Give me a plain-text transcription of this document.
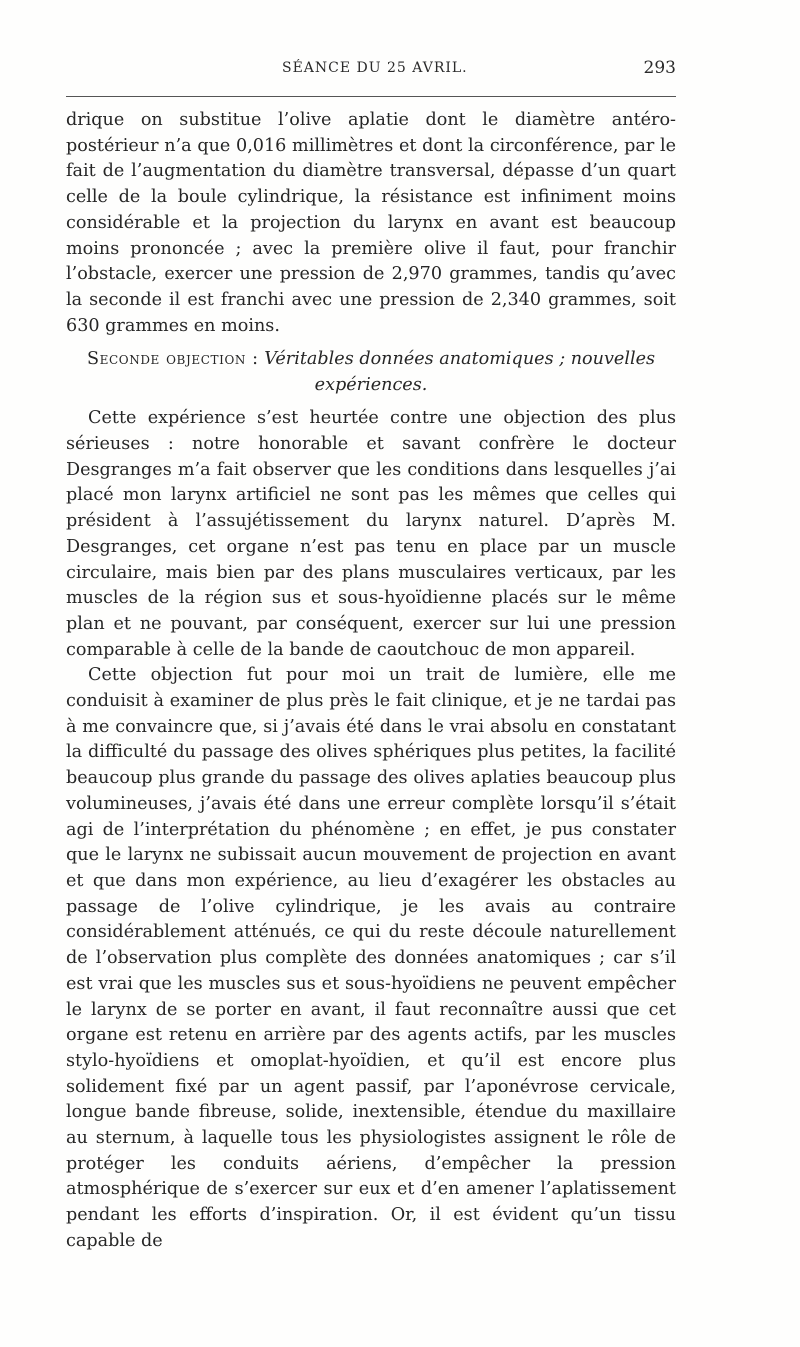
SÉANCE DU 25 AVRIL.	293

drique on substitue l’olive aplatie dont le diamètre antéro-postérieur n’a que 0,016 millimètres et dont la circonférence, par le fait de l’augmentation du diamètre transversal, dépasse d’un quart celle de la boule cylindrique, la résistance est infiniment moins considérable et la projection du larynx en avant est beaucoup moins prononcée ; avec la première olive il faut, pour franchir l’obstacle, exercer une pression de 2,970 grammes, tandis qu’avec la seconde il est franchi avec une pression de 2,340 grammes, soit 630 grammes en moins.

Seconde objection : Véritables données anatomiques ; nouvelles expériences.

Cette expérience s’est heurtée contre une objection des plus sérieuses : notre honorable et savant confrère le docteur Desgranges m’a fait observer que les conditions dans lesquelles j’ai placé mon larynx artificiel ne sont pas les mêmes que celles qui président à l’assujétissement du larynx naturel. D’après M. Desgranges, cet organe n’est pas tenu en place par un muscle circulaire, mais bien par des plans musculaires verticaux, par les muscles de la région sus et sous-hyoïdienne placés sur le même plan et ne pouvant, par conséquent, exercer sur lui une pression comparable à celle de la bande de caoutchouc de mon appareil.

Cette objection fut pour moi un trait de lumière, elle me conduisit à examiner de plus près le fait clinique, et je ne tardai pas à me convaincre que, si j’avais été dans le vrai absolu en constatant la difficulté du passage des olives sphériques plus petites, la facilité beaucoup plus grande du passage des olives aplaties beaucoup plus volumineuses, j’avais été dans une erreur complète lorsqu’il s’était agi de l’interprétation du phénomène ; en effet, je pus constater que le larynx ne subissait aucun mouvement de projection en avant et que dans mon expérience, au lieu d’exagérer les obstacles au passage de l’olive cylindrique, je les avais au contraire considérablement atténués, ce qui du reste découle naturellement de l’observation plus complète des données anatomiques ; car s’il est vrai que les muscles sus et sous-hyoïdiens ne peuvent empêcher le larynx de se porter en avant, il faut reconnaître aussi que cet organe est retenu en arrière par des agents actifs, par les muscles stylo-hyoïdiens et omoplat-hyoïdien, et qu’il est encore plus solidement fixé par un agent passif, par l’aponévrose cervicale, longue bande fibreuse, solide, inextensible, étendue du maxillaire au sternum, à laquelle tous les physiologistes assignent le rôle de protéger les conduits aériens, d’empêcher la pression atmosphérique de s’exercer sur eux et d’en amener l’aplatissement pendant les efforts d’inspiration. Or, il est évident qu’un tissu capable de
